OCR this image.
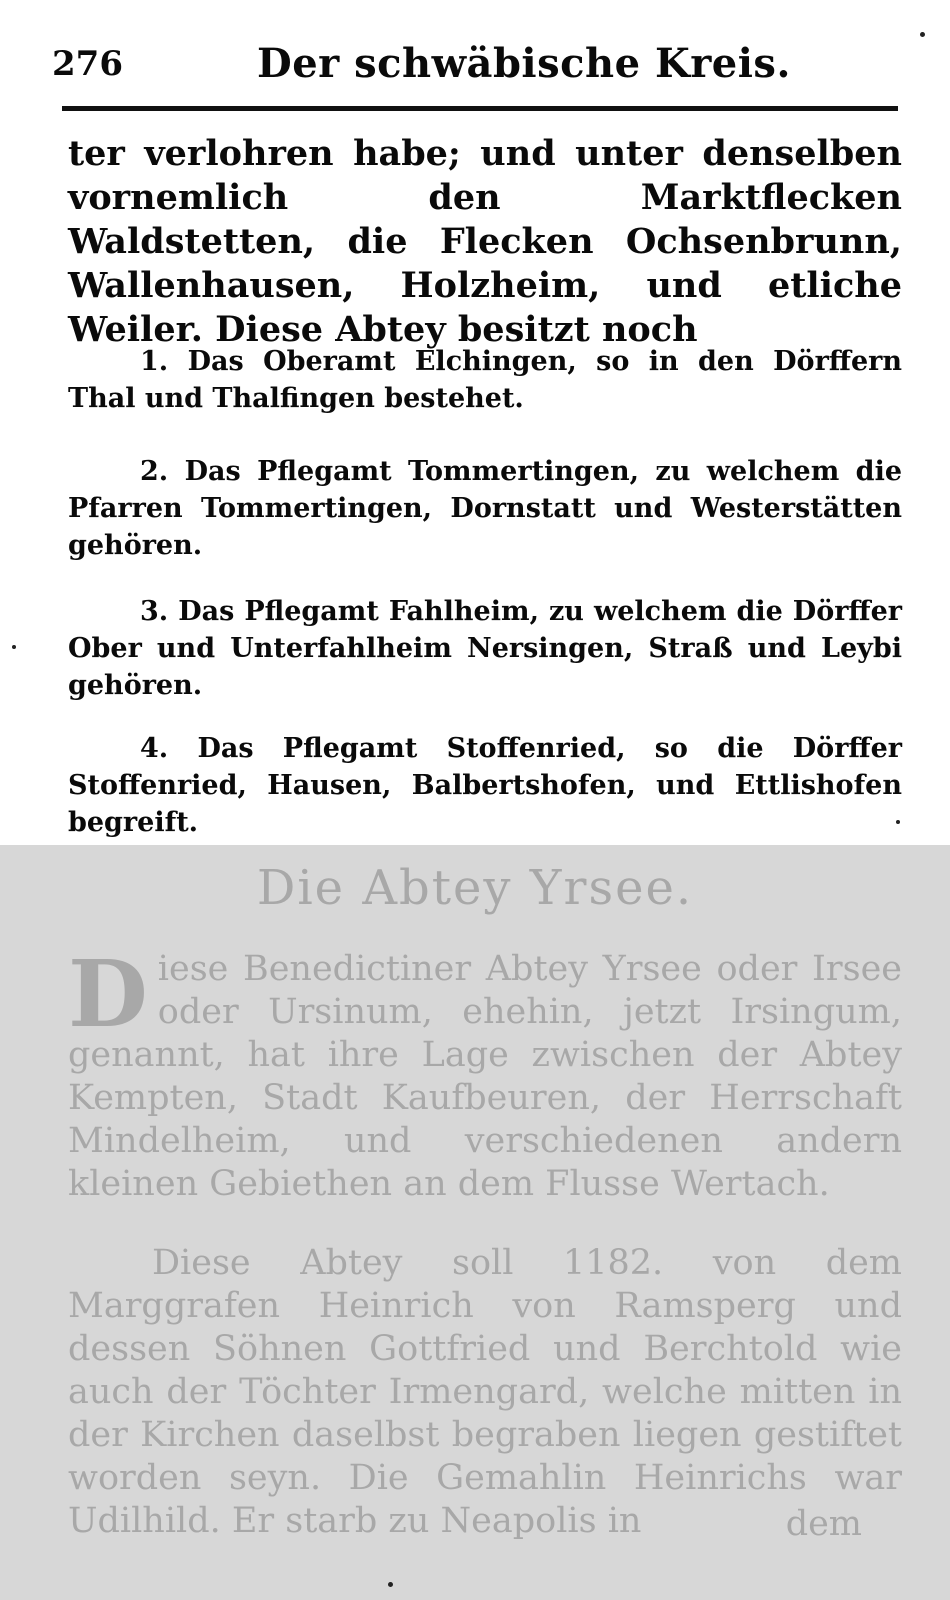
276	Der schwäbische Kreis.
ter verlohren habe; und unter denselben vornemlich den Marktflecken Waldstetten, die Flecken Ochsenbrunn, Wallenhausen, Holzheim, und etliche Weiler. Diese Abtey besitzt noch
1. Das Oberamt Elchingen, so in den Dörffern Thal und Thalfingen bestehet.
2. Das Pflegamt Tommertingen, zu welchem die Pfarren Tommertingen, Dornstatt und Westerstätten gehören.
3. Das Pflegamt Fahlheim, zu welchem die Dörffer Ober und Unterfahlheim Nersingen, Straß und Leybi gehören.
4. Das Pflegamt Stoffenried, so die Dörffer Stoffenried, Hausen, Balbertshofen, und Ettlishofen begreift.
Die Abtey Yrsee.
D iese Benedictiner Abtey Yrsee oder Irsee oder Ursinum, ehehin, jetzt Irsingum, genannt, hat ihre Lage zwischen der Abtey Kempten, Stadt Kaufbeuren, der Herrschaft Mindelheim, und verschiedenen andern kleinen Gebiethen an dem Flusse Wertach.
Diese Abtey soll 1182. von dem Marggrafen Heinrich von Ramsperg und dessen Söhnen Gottfried und Berchtold wie auch der Töchter Irmengard, welche mitten in der Kirchen daselbst begraben liegen gestiftet worden seyn. Die Gemahlin Heinrichs war Udilhild. Er starb zu Neapolis in	dem
